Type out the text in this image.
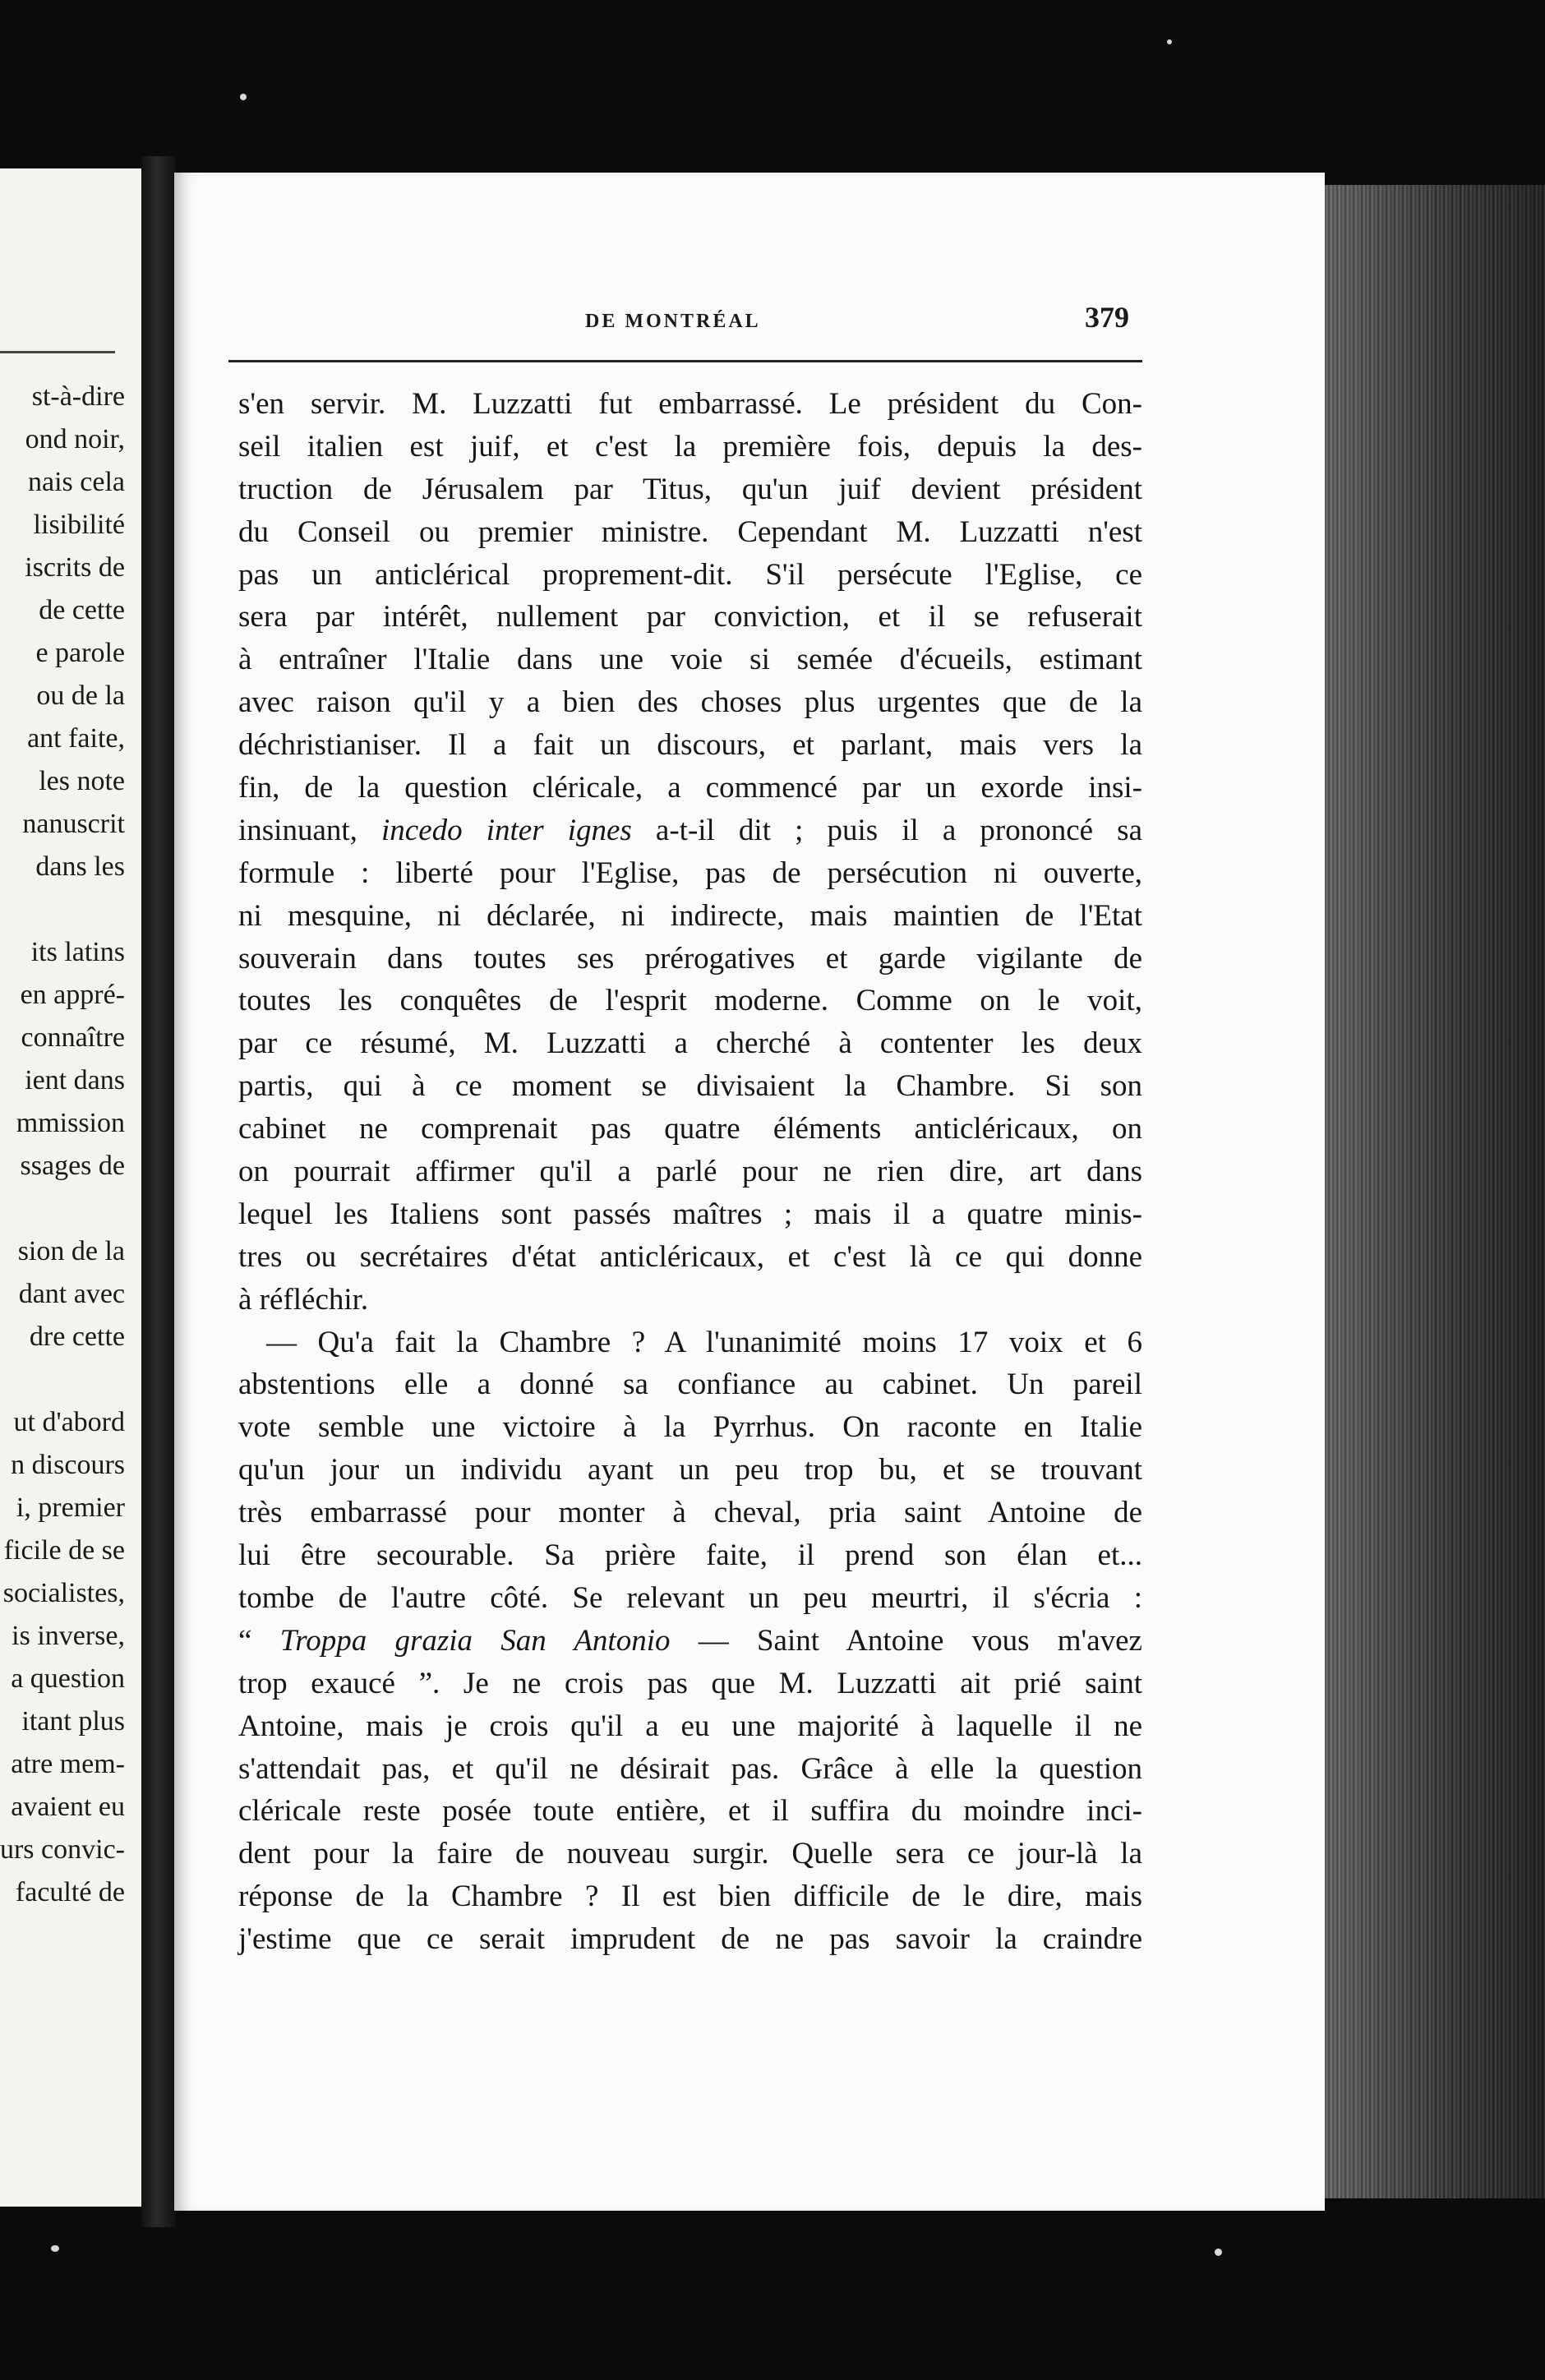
st-à-dire
ond noir,
nais cela
lisibilité
iscrits de
de cette
e parole
ou de la
ant faite,
les note
nanuscrit
dans les
its latins
en appré-
connaître
ient dans
mmission
ssages de
sion de la
dant avec
dre cette
ut d'abord
n discours
i, premier
ficile de se
socialistes,
is inverse,
a question
itant plus
atre mem-
avaient eu
urs convic-
faculté de
DE MONTRÉAL	379
s'en servir. M. Luzzatti fut embarrassé. Le président du Con-
seil italien est juif, et c'est la première fois, depuis la des-
truction de Jérusalem par Titus, qu'un juif devient président
du Conseil ou premier ministre. Cependant M. Luzzatti n'est
pas un anticlérical proprement-dit. S'il persécute l'Eglise, ce
sera par intérêt, nullement par conviction, et il se refuserait
à entraîner l'Italie dans une voie si semée d'écueils, estimant
avec raison qu'il y a bien des choses plus urgentes que de la
déchristianiser. Il a fait un discours, et parlant, mais vers la
fin, de la question cléricale, a commencé par un exorde insi-
insinuant, incedo inter ignes a-t-il dit ; puis il a prononcé sa
formule : liberté pour l'Eglise, pas de persécution ni ouverte,
ni mesquine, ni déclarée, ni indirecte, mais maintien de l'Etat
souverain dans toutes ses prérogatives et garde vigilante de
toutes les conquêtes de l'esprit moderne. Comme on le voit,
par ce résumé, M. Luzzatti a cherché à contenter les deux
partis, qui à ce moment se divisaient la Chambre. Si son
cabinet ne comprenait pas quatre éléments anticléricaux, on
on pourrait affirmer qu'il a parlé pour ne rien dire, art dans
lequel les Italiens sont passés maîtres ; mais il a quatre minis-
tres ou secrétaires d'état anticléricaux, et c'est là ce qui donne
à réfléchir.
— Qu'a fait la Chambre ? A l'unanimité moins 17 voix et 6
abstentions elle a donné sa confiance au cabinet. Un pareil
vote semble une victoire à la Pyrrhus. On raconte en Italie
qu'un jour un individu ayant un peu trop bu, et se trouvant
très embarrassé pour monter à cheval, pria saint Antoine de
lui être secourable. Sa prière faite, il prend son élan et...
tombe de l'autre côté. Se relevant un peu meurtri, il s'écria :
“ Troppa grazia San Antonio — Saint Antoine vous m'avez
trop exaucé ”. Je ne crois pas que M. Luzzatti ait prié saint
Antoine, mais je crois qu'il a eu une majorité à laquelle il ne
s'attendait pas, et qu'il ne désirait pas. Grâce à elle la question
cléricale reste posée toute entière, et il suffira du moindre inci-
dent pour la faire de nouveau surgir. Quelle sera ce jour-là la
réponse de la Chambre ? Il est bien difficile de le dire, mais
j'estime que ce serait imprudent de ne pas savoir la craindre
